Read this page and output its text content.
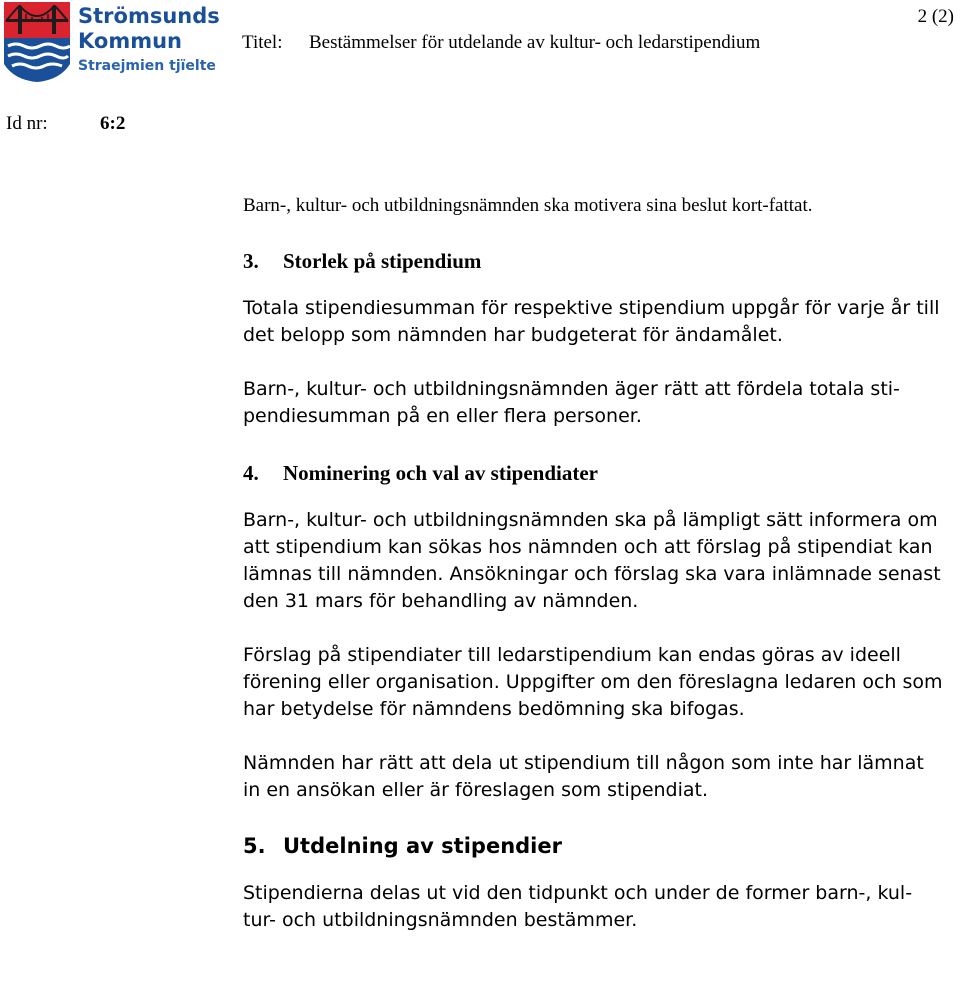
Strömsunds
Kommun
Straejmien tjïelte
2 (2)
Titel: Bestämmelser för utdelande av kultur- och ledarstipendium
Id nr:	6:2

Barn-, kultur- och utbildningsnämnden ska motivera sina beslut kort-fattat.

3. Storlek på stipendium

Totala stipendiesumman för respektive stipendium uppgår för varje år till det belopp som nämnden har budgeterat för ändamålet.

Barn-, kultur- och utbildningsnämnden äger rätt att fördela totala sti-pendiesumman på en eller flera personer.

4. Nominering och val av stipendiater

Barn-, kultur- och utbildningsnämnden ska på lämpligt sätt informera om att stipendium kan sökas hos nämnden och att förslag på stipendiat kan lämnas till nämnden. Ansökningar och förslag ska vara inlämnade senast den 31 mars för behandling av nämnden.

Förslag på stipendiater till ledarstipendium kan endas göras av ideell förening eller organisation. Uppgifter om den föreslagna ledaren och som har betydelse för nämndens bedömning ska bifogas.

Nämnden har rätt att dela ut stipendium till någon som inte har lämnat in en ansökan eller är föreslagen som stipendiat.

5. Utdelning av stipendier

Stipendierna delas ut vid den tidpunkt och under de former barn-, kul-tur- och utbildningsnämnden bestämmer.
